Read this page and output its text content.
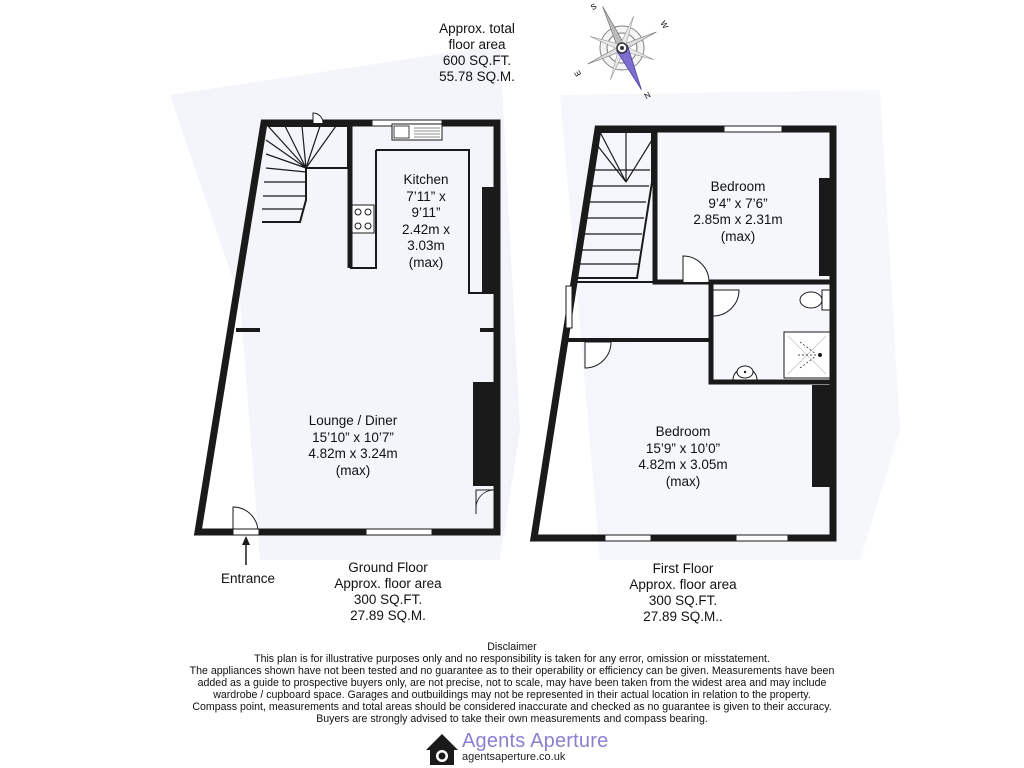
S
W
E
N
Approx. total
floor area
600 SQ.FT.
55.78 SQ.M.
Kitchen
7’11” x
9’11”
2.42m x
3.03m
(max)
Lounge / Diner
15’10” x 10’7”
4.82m x 3.24m
(max)
Entrance
Ground Floor
Approx. floor area
300 SQ.FT.
27.89 SQ.M.
Bedroom
9’4” x 7’6”
2.85m x 2.31m
(max)
Bedroom
15’9” x 10’0”
4.82m x 3.05m
(max)
First Floor
Approx. floor area
300 SQ.FT.
27.89 SQ.M..
Disclaimer
This plan is for illustrative purposes only and no responsibility is taken for any error, omission or misstatement.
The appliances shown have not been tested and no guarantee as to their operability or efficiency can be given. Measurements have been
added as a guide to prospective buyers only, are not precise, not to scale, may have been taken from the widest area and may include
wardrobe / cupboard space. Garages and outbuildings may not be represented in their actual location in relation to the property.
Compass point, measurements and total areas should be considered inaccurate and checked as no guarantee is given to their accuracy.
Buyers are strongly advised to take their own measurements and compass bearing.
Agents Aperture
agentsaperture.co.uk
